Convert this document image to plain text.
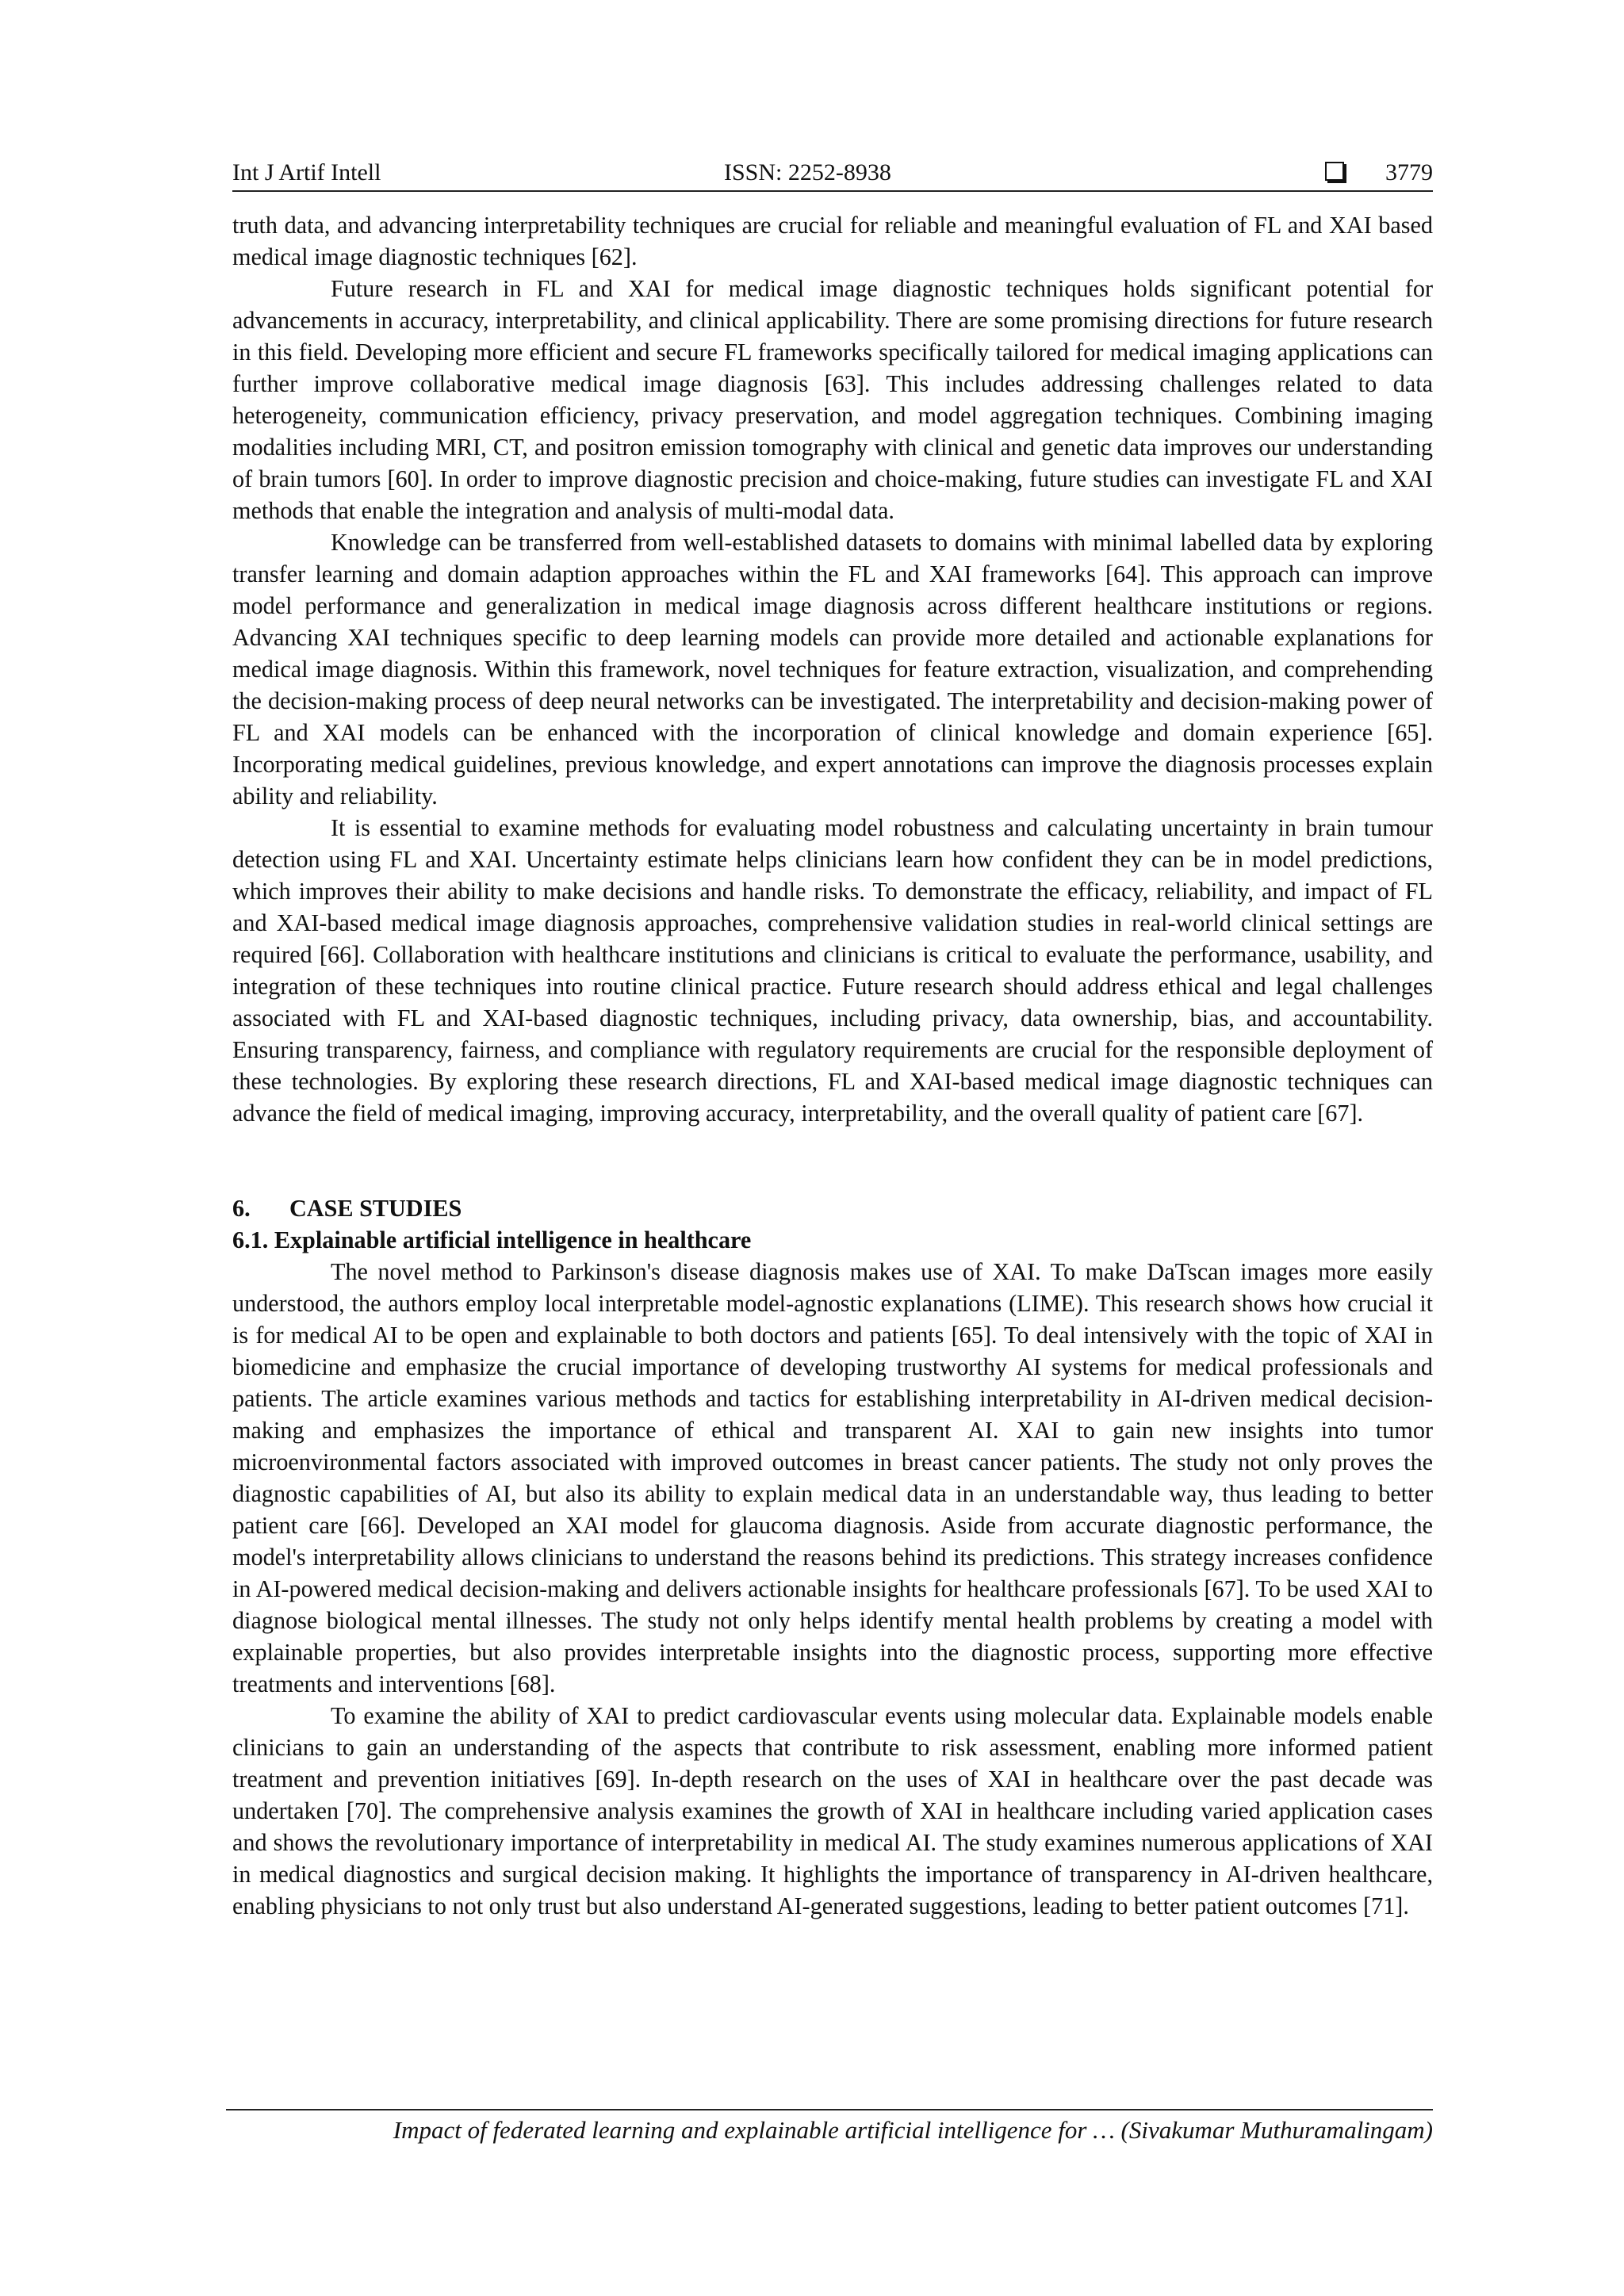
Int J Artif Intell	ISSN: 2252-8938	3779

truth data, and advancing interpretability techniques are crucial for reliable and meaningful evaluation of FL and XAI based medical image diagnostic techniques [62].

Future research in FL and XAI for medical image diagnostic techniques holds significant potential for advancements in accuracy, interpretability, and clinical applicability. There are some promising directions for future research in this field. Developing more efficient and secure FL frameworks specifically tailored for medical imaging applications can further improve collaborative medical image diagnosis [63]. This includes addressing challenges related to data heterogeneity, communication efficiency, privacy preservation, and model aggregation techniques. Combining imaging modalities including MRI, CT, and positron emission tomography with clinical and genetic data improves our understanding of brain tumors [60]. In order to improve diagnostic precision and choice-making, future studies can investigate FL and XAI methods that enable the integration and analysis of multi-modal data.

Knowledge can be transferred from well-established datasets to domains with minimal labelled data by exploring transfer learning and domain adaption approaches within the FL and XAI frameworks [64]. This approach can improve model performance and generalization in medical image diagnosis across different healthcare institutions or regions. Advancing XAI techniques specific to deep learning models can provide more detailed and actionable explanations for medical image diagnosis. Within this framework, novel techniques for feature extraction, visualization, and comprehending the decision-making process of deep neural networks can be investigated. The interpretability and decision-making power of FL and XAI models can be enhanced with the incorporation of clinical knowledge and domain experience [65]. Incorporating medical guidelines, previous knowledge, and expert annotations can improve the diagnosis processes explain ability and reliability.

It is essential to examine methods for evaluating model robustness and calculating uncertainty in brain tumour detection using FL and XAI. Uncertainty estimate helps clinicians learn how confident they can be in model predictions, which improves their ability to make decisions and handle risks. To demonstrate the efficacy, reliability, and impact of FL and XAI-based medical image diagnosis approaches, comprehensive validation studies in real-world clinical settings are required [66]. Collaboration with healthcare institutions and clinicians is critical to evaluate the performance, usability, and integration of these techniques into routine clinical practice. Future research should address ethical and legal challenges associated with FL and XAI-based diagnostic techniques, including privacy, data ownership, bias, and accountability. Ensuring transparency, fairness, and compliance with regulatory requirements are crucial for the responsible deployment of these technologies. By exploring these research directions, FL and XAI-based medical image diagnostic techniques can advance the field of medical imaging, improving accuracy, interpretability, and the overall quality of patient care [67].

6. CASE STUDIES
6.1. Explainable artificial intelligence in healthcare

The novel method to Parkinson's disease diagnosis makes use of XAI. To make DaTscan images more easily understood, the authors employ local interpretable model-agnostic explanations (LIME). This research shows how crucial it is for medical AI to be open and explainable to both doctors and patients [65]. To deal intensively with the topic of XAI in biomedicine and emphasize the crucial importance of developing trustworthy AI systems for medical professionals and patients. The article examines various methods and tactics for establishing interpretability in AI-driven medical decision-making and emphasizes the importance of ethical and transparent AI. XAI to gain new insights into tumor microenvironmental factors associated with improved outcomes in breast cancer patients. The study not only proves the diagnostic capabilities of AI, but also its ability to explain medical data in an understandable way, thus leading to better patient care [66]. Developed an XAI model for glaucoma diagnosis. Aside from accurate diagnostic performance, the model's interpretability allows clinicians to understand the reasons behind its predictions. This strategy increases confidence in AI-powered medical decision-making and delivers actionable insights for healthcare professionals [67]. To be used XAI to diagnose biological mental illnesses. The study not only helps identify mental health problems by creating a model with explainable properties, but also provides interpretable insights into the diagnostic process, supporting more effective treatments and interventions [68].

To examine the ability of XAI to predict cardiovascular events using molecular data. Explainable models enable clinicians to gain an understanding of the aspects that contribute to risk assessment, enabling more informed patient treatment and prevention initiatives [69]. In-depth research on the uses of XAI in healthcare over the past decade was undertaken [70]. The comprehensive analysis examines the growth of XAI in healthcare including varied application cases and shows the revolutionary importance of interpretability in medical AI. The study examines numerous applications of XAI in medical diagnostics and surgical decision making. It highlights the importance of transparency in AI-driven healthcare, enabling physicians to not only trust but also understand AI-generated suggestions, leading to better patient outcomes [71].

Impact of federated learning and explainable artificial intelligence for … (Sivakumar Muthuramalingam)
